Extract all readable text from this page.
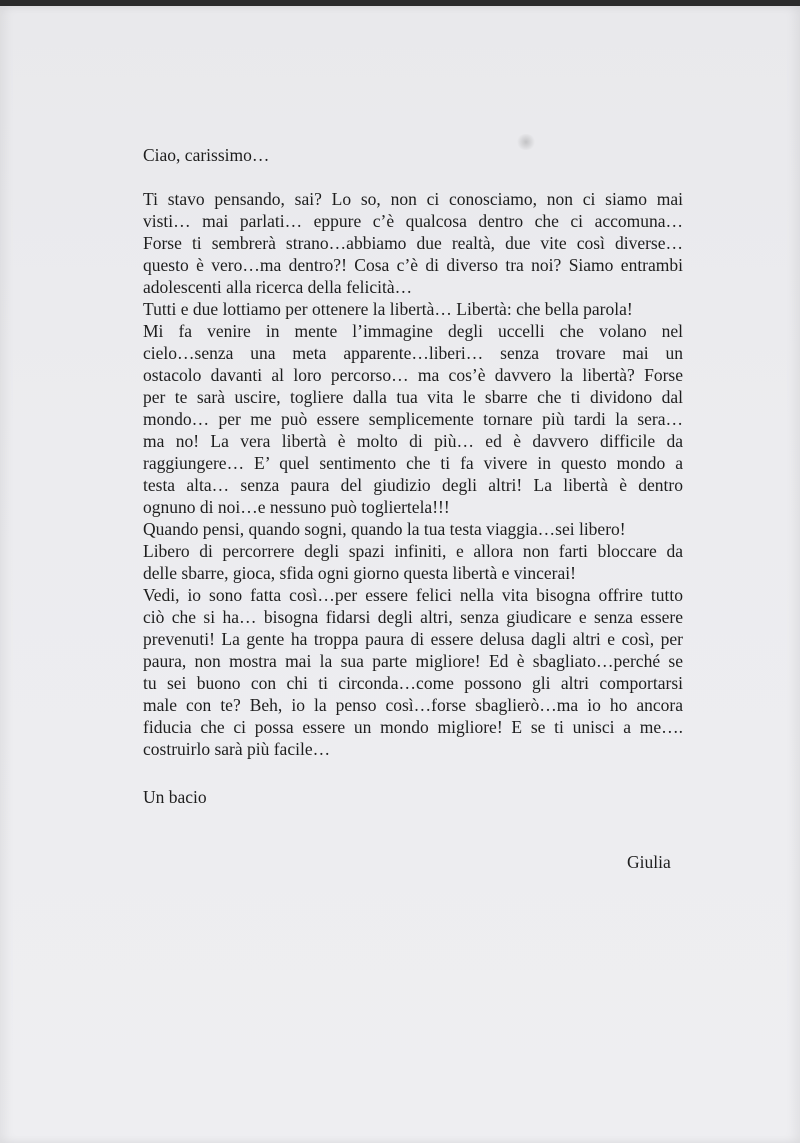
Ciao, carissimo…
Ti stavo pensando, sai? Lo so, non ci conosciamo, non ci siamo mai
visti… mai parlati… eppure c’è qualcosa dentro che ci accomuna…
Forse ti sembrerà strano…abbiamo due realtà, due vite così diverse…
questo è vero…ma dentro?! Cosa c’è di diverso tra noi? Siamo entrambi
adolescenti alla ricerca della felicità…
Tutti e due lottiamo per ottenere la libertà… Libertà: che bella parola!
Mi fa venire in mente l’immagine degli uccelli che volano nel
cielo…senza una meta apparente…liberi… senza trovare mai un
ostacolo davanti al loro percorso… ma cos’è davvero la libertà? Forse
per te sarà uscire, togliere dalla tua vita le sbarre che ti dividono dal
mondo… per me può essere semplicemente tornare più tardi la sera…
ma no! La vera libertà è molto di più… ed è davvero difficile da
raggiungere… E’ quel sentimento che ti fa vivere in questo mondo a
testa alta… senza paura del giudizio degli altri! La libertà è dentro
ognuno di noi…e nessuno può togliertela!!!
Quando pensi, quando sogni, quando la tua testa viaggia…sei libero!
Libero di percorrere degli spazi infiniti, e allora non farti bloccare da
delle sbarre, gioca, sfida ogni giorno questa libertà e vincerai!
Vedi, io sono fatta così…per essere felici nella vita bisogna offrire tutto
ciò che si ha… bisogna fidarsi degli altri, senza giudicare e senza essere
prevenuti! La gente ha troppa paura di essere delusa dagli altri e così, per
paura, non mostra mai la sua parte migliore! Ed è sbagliato…perché se
tu sei buono con chi ti circonda…come possono gli altri comportarsi
male con te? Beh, io la penso così…forse sbaglierò…ma io ho ancora
fiducia che ci possa essere un mondo migliore! E se ti unisci a me….
costruirlo sarà più facile…
Un bacio
Giulia
